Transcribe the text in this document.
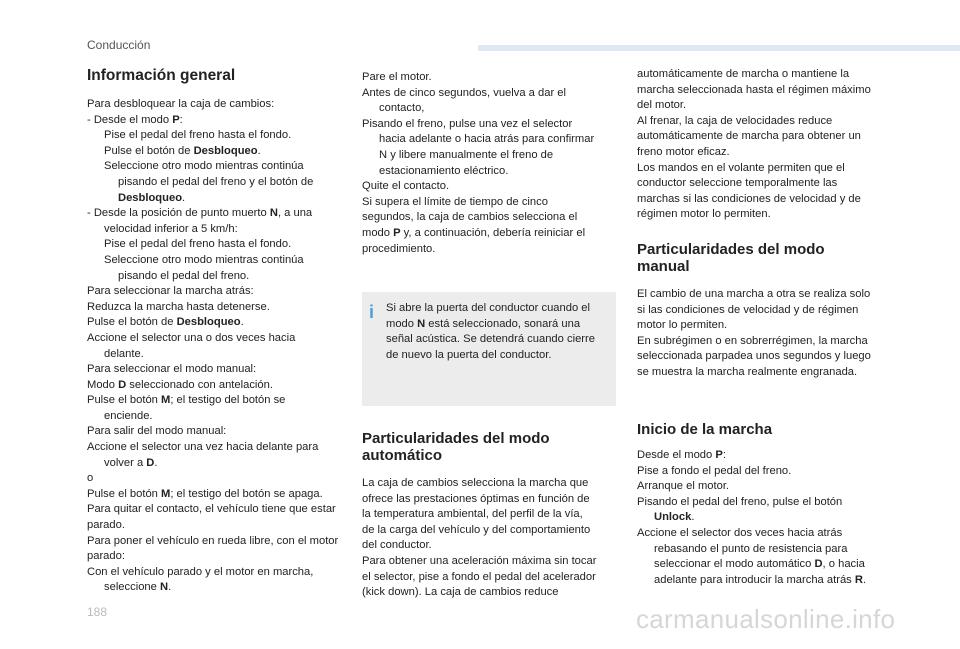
Conducción
Información general
Para desbloquear la caja de cambios:
- Desde el modo P:
Pise el pedal del freno hasta el fondo.
Pulse el botón de Desbloqueo.
Seleccione otro modo mientras continúa
pisando el pedal del freno y el botón de
Desbloqueo.
- Desde la posición de punto muerto N, a una
velocidad inferior a 5 km/h:
Pise el pedal del freno hasta el fondo.
Seleccione otro modo mientras continúa
pisando el pedal del freno.
Para seleccionar la marcha atrás:
Reduzca la marcha hasta detenerse.
Pulse el botón de Desbloqueo.
Accione el selector una o dos veces hacia
delante.
Para seleccionar el modo manual:
Modo D seleccionado con antelación.
Pulse el botón M; el testigo del botón se
enciende.
Para salir del modo manual:
Accione el selector una vez hacia delante para
volver a D.
o
Pulse el botón M; el testigo del botón se apaga.
Para quitar el contacto, el vehículo tiene que estar
parado.
Para poner el vehículo en rueda libre, con el motor
parado:
Con el vehículo parado y el motor en marcha,
seleccione N.
Pare el motor.
Antes de cinco segundos, vuelva a dar el
contacto,
Pisando el freno, pulse una vez el selector
hacia adelante o hacia atrás para confirmar
N y libere manualmente el freno de
estacionamiento eléctrico.
Quite el contacto.
Si supera el límite de tiempo de cinco
segundos, la caja de cambios selecciona el
modo P y, a continuación, debería reiniciar el
procedimiento.
i Si abre la puerta del conductor cuando el
modo N está seleccionado, sonará una
señal acústica. Se detendrá cuando cierre
de nuevo la puerta del conductor.
Particularidades del modo
automático
La caja de cambios selecciona la marcha que
ofrece las prestaciones óptimas en función de
la temperatura ambiental, del perfil de la vía,
de la carga del vehículo y del comportamiento
del conductor.
Para obtener una aceleración máxima sin tocar
el selector, pise a fondo el pedal del acelerador
(kick down). La caja de cambios reduce
automáticamente de marcha o mantiene la
marcha seleccionada hasta el régimen máximo
del motor.
Al frenar, la caja de velocidades reduce
automáticamente de marcha para obtener un
freno motor eficaz.
Los mandos en el volante permiten que el
conductor seleccione temporalmente las
marchas si las condiciones de velocidad y de
régimen motor lo permiten.
Particularidades del modo
manual
El cambio de una marcha a otra se realiza solo
si las condiciones de velocidad y de régimen
motor lo permiten.
En subrégimen o en sobrerrégimen, la marcha
seleccionada parpadea unos segundos y luego
se muestra la marcha realmente engranada.
Inicio de la marcha
Desde el modo P:
Pise a fondo el pedal del freno.
Arranque el motor.
Pisando el pedal del freno, pulse el botón
Unlock.
Accione el selector dos veces hacia atrás
rebasando el punto de resistencia para
seleccionar el modo automático D, o hacia
adelante para introducir la marcha atrás R.
188	carmanualsonline.info
